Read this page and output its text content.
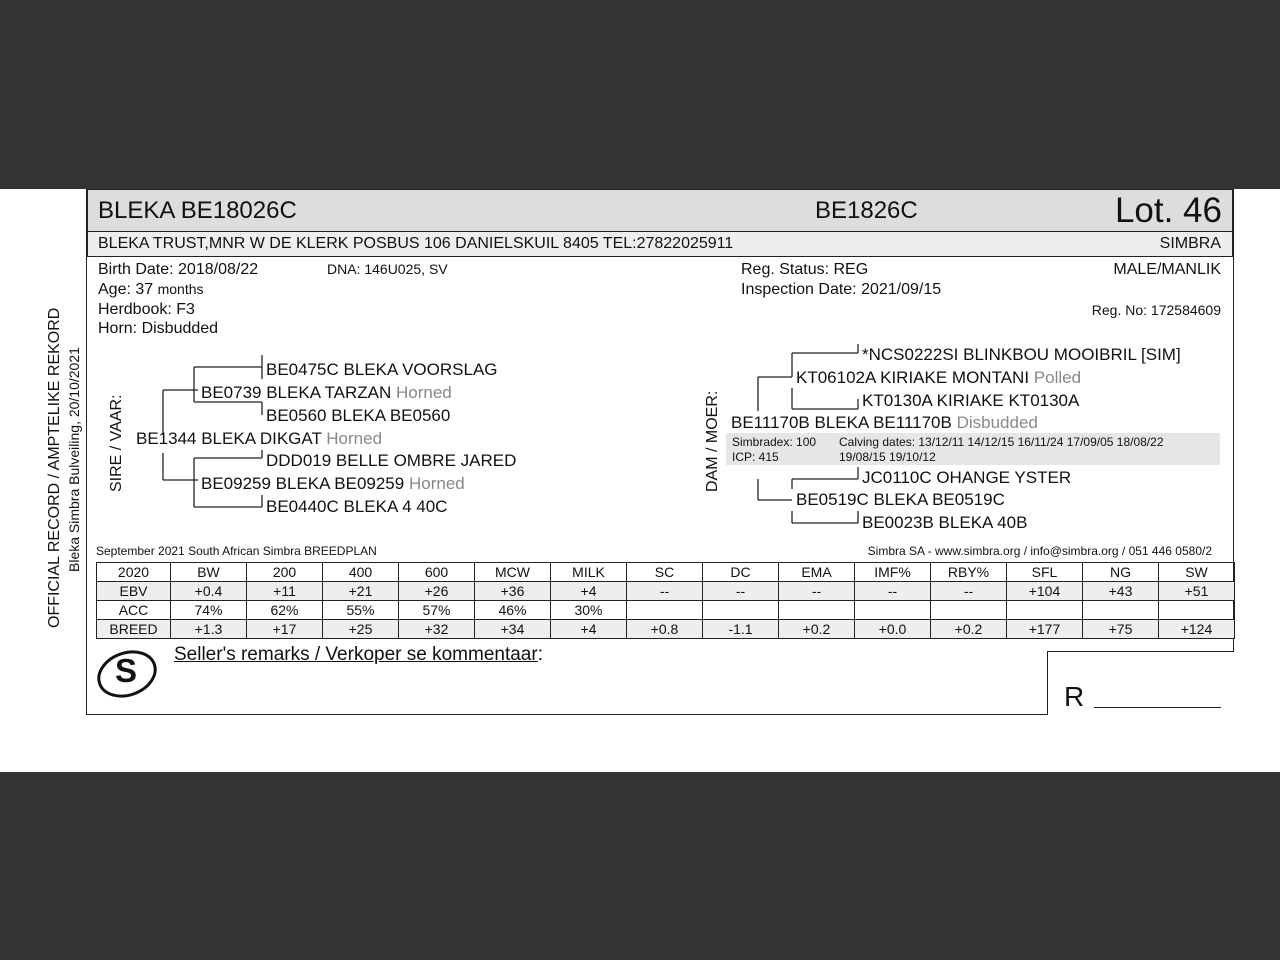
BLEKA BE18026C	BE1826C	Lot. 46
BLEKA TRUST,MNR W DE KLERK POSBUS 106 DANIELSKUIL 8405 TEL:27822025911	SIMBRA
Birth Date: 2018/08/22	DNA: 146U025, SV
Age: 37 months
Herdbook: F3
Horn: Disbudded
Reg. Status: REG
Inspection Date: 2021/09/15
MALE/MANLIK
Reg. No: 172584609
OFFICIAL RECORD / AMPTELIKE REKORD Bleka Simbra Bulveiling, 20/10/2021 SIRE / VAAR:	DAM / MOER:
BE0475C BLEKA VOORSLAG
BE0739 BLEKA TARZAN Horned
BE0560 BLEKA BE0560
BE1344 BLEKA DIKGAT Horned
DDD019 BELLE OMBRE JARED
BE09259 BLEKA BE09259 Horned
BE0440C BLEKA 4 40C
*NCS0222SI BLINKBOU MOOIBRIL [SIM]
KT06102A KIRIAKE MONTANI Polled
KT0130A KIRIAKE KT0130A
BE11170B BLEKA BE11170B Disbudded
Simbradex: 100
ICP: 415
Calving dates: 13/12/11 14/12/15 16/11/24 17/09/05 18/08/22
19/08/15 19/10/12
JC0110C OHANGE YSTER
BE0519C BLEKA BE0519C
BE0023B BLEKA 40B
September 2021 South African Simbra BREEDPLAN	Simbra SA - www.simbra.org / info@simbra.org / 051 446 0580/2
2020	BW	200	400	600	MCW	MILK	SC	DC	EMA	IMF%	RBY%	SFL	NG	SW
EBV	+0.4	+11	+21	+26	+36	+4	--	--	--	--	--	+104	+43	+51
ACC	74%	62%	55%	57%	46%	30%								
BREED	+1.3	+17	+25	+32	+34	+4	+0.8	-1.1	+0.2	+0.0	+0.2	+177	+75	+124
S Seller's remarks / Verkoper se kommentaar:
R
